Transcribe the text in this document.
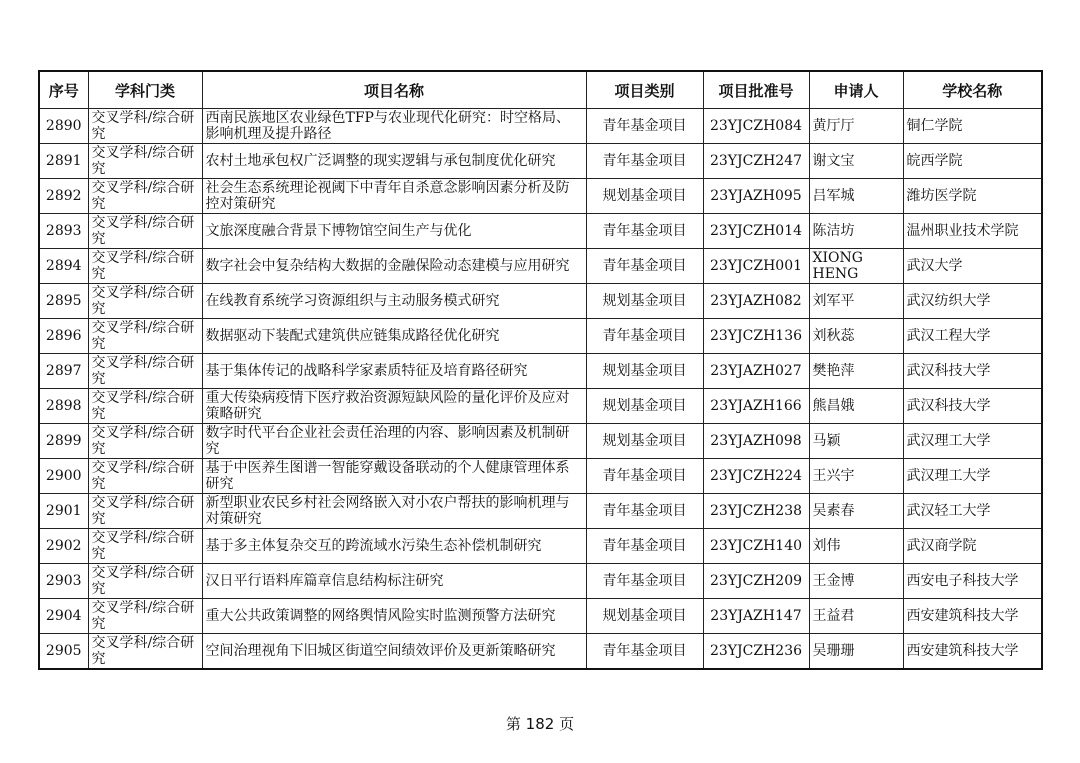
序号	学科门类	项目名称	项目类别	项目批准号	申请人	学校名称
2890	交叉学科/综合研究	西南民族地区农业绿色TFP与农业现代化研究：时空格局、影响机理及提升路径	青年基金项目	23YJCZH084	黄厅厅	铜仁学院
2891	交叉学科/综合研究	农村土地承包权广泛调整的现实逻辑与承包制度优化研究	青年基金项目	23YJCZH247	谢文宝	皖西学院
2892	交叉学科/综合研究	社会生态系统理论视阈下中青年自杀意念影响因素分析及防控对策研究	规划基金项目	23YJAZH095	吕军城	潍坊医学院
2893	交叉学科/综合研究	文旅深度融合背景下博物馆空间生产与优化	青年基金项目	23YJCZH014	陈洁坊	温州职业技术学院
2894	交叉学科/综合研究	数字社会中复杂结构大数据的金融保险动态建模与应用研究	青年基金项目	23YJCZH001	XIONG HENG	武汉大学
2895	交叉学科/综合研究	在线教育系统学习资源组织与主动服务模式研究	规划基金项目	23YJAZH082	刘军平	武汉纺织大学
2896	交叉学科/综合研究	数据驱动下装配式建筑供应链集成路径优化研究	青年基金项目	23YJCZH136	刘秋蕊	武汉工程大学
2897	交叉学科/综合研究	基于集体传记的战略科学家素质特征及培育路径研究	规划基金项目	23YJAZH027	樊艳萍	武汉科技大学
2898	交叉学科/综合研究	重大传染病疫情下医疗救治资源短缺风险的量化评价及应对策略研究	规划基金项目	23YJAZH166	熊昌娥	武汉科技大学
2899	交叉学科/综合研究	数字时代平台企业社会责任治理的内容、影响因素及机制研究	规划基金项目	23YJAZH098	马颖	武汉理工大学
2900	交叉学科/综合研究	基于中医养生图谱一智能穿戴设备联动的个人健康管理体系研究	青年基金项目	23YJCZH224	王兴宇	武汉理工大学
2901	交叉学科/综合研究	新型职业农民乡村社会网络嵌入对小农户帮扶的影响机理与对策研究	青年基金项目	23YJCZH238	吴素春	武汉轻工大学
2902	交叉学科/综合研究	基于多主体复杂交互的跨流域水污染生态补偿机制研究	青年基金项目	23YJCZH140	刘伟	武汉商学院
2903	交叉学科/综合研究	汉日平行语料库篇章信息结构标注研究	青年基金项目	23YJCZH209	王金博	西安电子科技大学
2904	交叉学科/综合研究	重大公共政策调整的网络舆情风险实时监测预警方法研究	规划基金项目	23YJAZH147	王益君	西安建筑科技大学
2905	交叉学科/综合研究	空间治理视角下旧城区街道空间绩效评价及更新策略研究	青年基金项目	23YJCZH236	吴珊珊	西安建筑科技大学
第 182 页
